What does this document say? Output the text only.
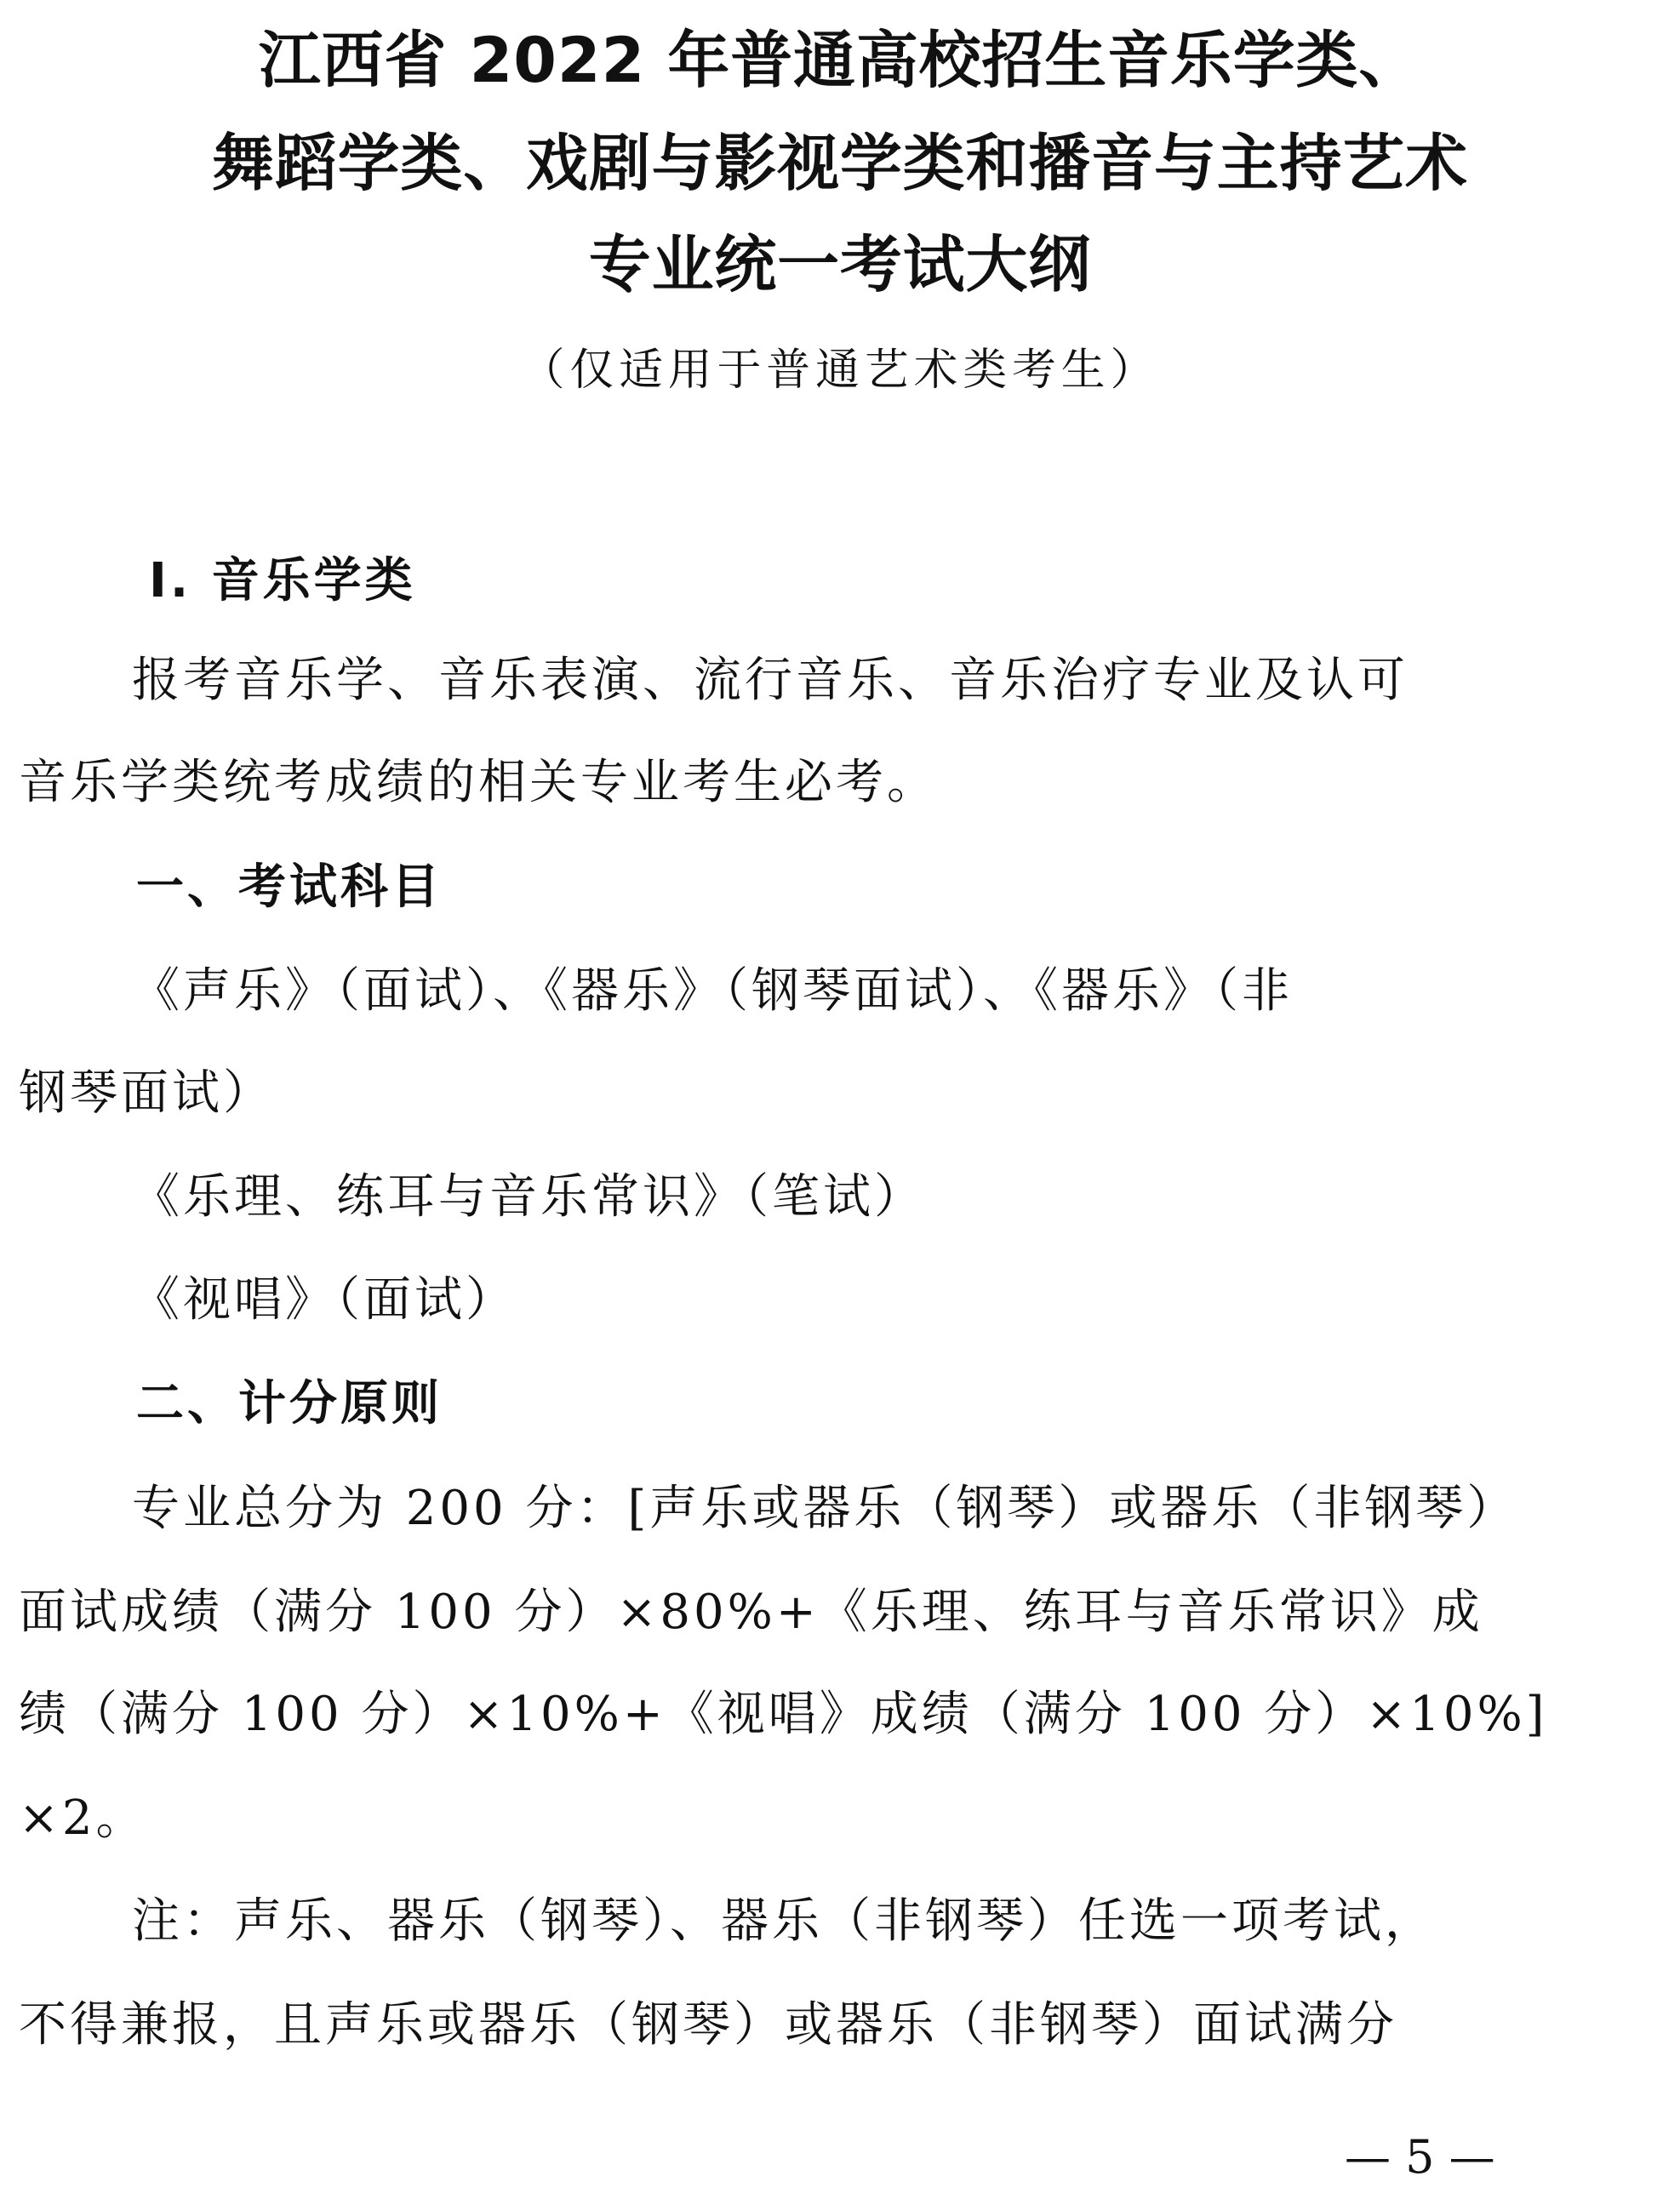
江西省 2022 年普通高校招生音乐学类、
舞蹈学类、戏剧与影视学类和播音与主持艺术
专业统一考试大纲
（仅适用于普通艺术类考生）
Ⅰ. 音乐学类
报考音乐学、音乐表演、流行音乐、音乐治疗专业及认可
音乐学类统考成绩的相关专业考生必考。
一、考试科目
《声乐》（面试）、《器乐》（钢琴面试）、《器乐》（非
钢琴面试）
《乐理、练耳与音乐常识》（笔试）
《视唱》（面试）
二、计分原则
专业总分为 200 分：[声乐或器乐（钢琴）或器乐（非钢琴）
面试成绩（满分 100 分）×80%+《乐理、练耳与音乐常识》成
绩（满分 100 分）×10%+《视唱》成绩（满分 100 分）×10%]
×2。
注：声乐、器乐（钢琴）、器乐（非钢琴）任选一项考试，
不得兼报，且声乐或器乐（钢琴）或器乐（非钢琴）面试满分
— 5 —
